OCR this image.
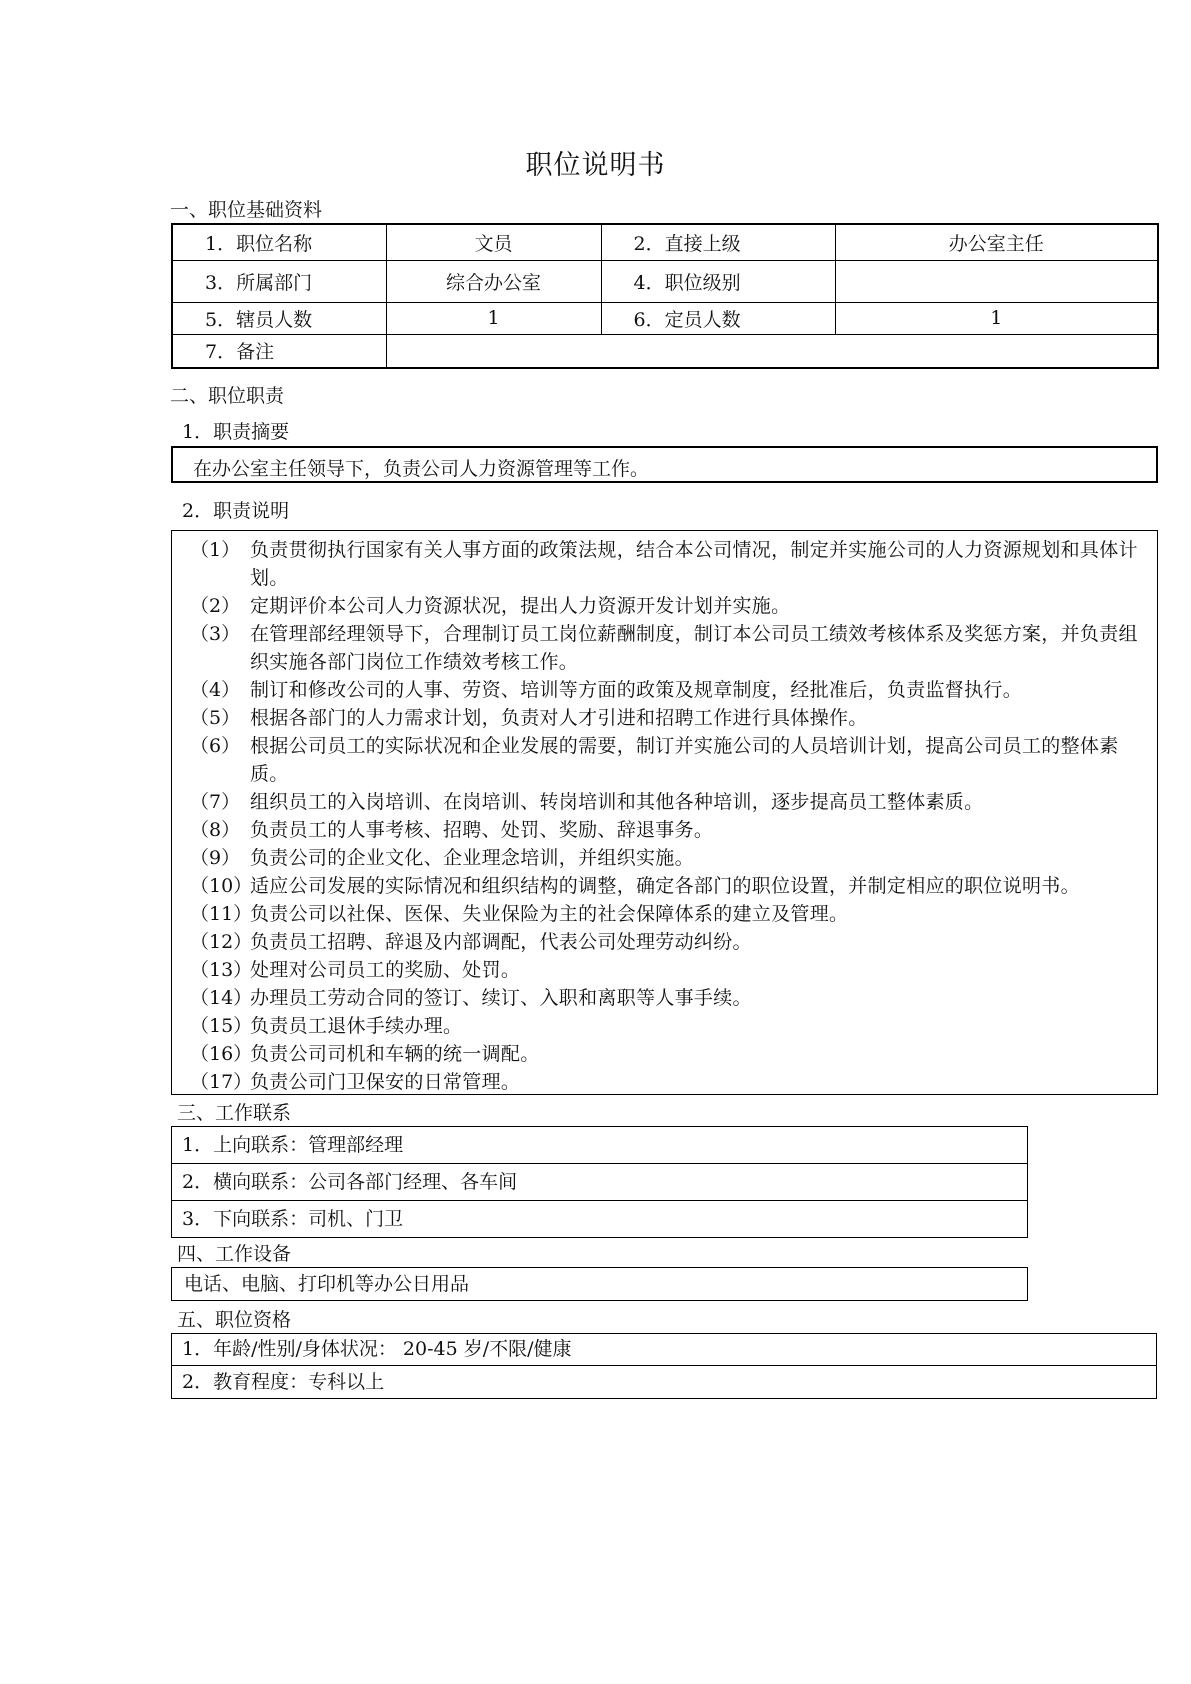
职位说明书
一、职位基础资料
1．职位名称	文员	2．直接上级	办公室主任
3．所属部门	综合办公室	4．职位级别	
5．辖员人数	1	6．定员人数	1
7．备注			
二、职位职责
1．职责摘要
在办公室主任领导下，负责公司人力资源管理等工作。
2．职责说明
（1） 负责贯彻执行国家有关人事方面的政策法规，结合本公司情况，制定并实施公司的人力资源规划和具体计划。
（2） 定期评价本公司人力资源状况，提出人力资源开发计划并实施。
（3） 在管理部经理领导下，合理制订员工岗位薪酬制度，制订本公司员工绩效考核体系及奖惩方案，并负责组织实施各部门岗位工作绩效考核工作。
（4） 制订和修改公司的人事、劳资、培训等方面的政策及规章制度，经批准后，负责监督执行。
（5） 根据各部门的人力需求计划，负责对人才引进和招聘工作进行具体操作。
（6） 根据公司员工的实际状况和企业发展的需要，制订并实施公司的人员培训计划，提高公司员工的整体素质。
（7） 组织员工的入岗培训、在岗培训、转岗培训和其他各种培训，逐步提高员工整体素质。
（8） 负责员工的人事考核、招聘、处罚、奖励、辞退事务。
（9） 负责公司的企业文化、企业理念培训，并组织实施。
（10）
适应公司发展的实际情况和组织结构的调整，确定各部门的职位设置，并制定相应的职位说明书。
（11）
负责公司以社保、医保、失业保险为主的社会保障体系的建立及管理。
（12）
负责员工招聘、辞退及内部调配，代表公司处理劳动纠纷。
（13）
处理对公司员工的奖励、处罚。
（14）
办理员工劳动合同的签订、续订、入职和离职等人事手续。
（15）
负责员工退休手续办理。
（16）
负责公司司机和车辆的统一调配。
（17）
负责公司门卫保安的日常管理。
三、工作联系
1．上向联系：管理部经理
2．横向联系：公司各部门经理、各车间
3．下向联系：司机、门卫
四、工作设备
电话、电脑、打印机等办公日用品
五、职位资格
1．年龄/性别/身体状况： 20-45 岁/不限/健康
2．教育程度：专科以上
